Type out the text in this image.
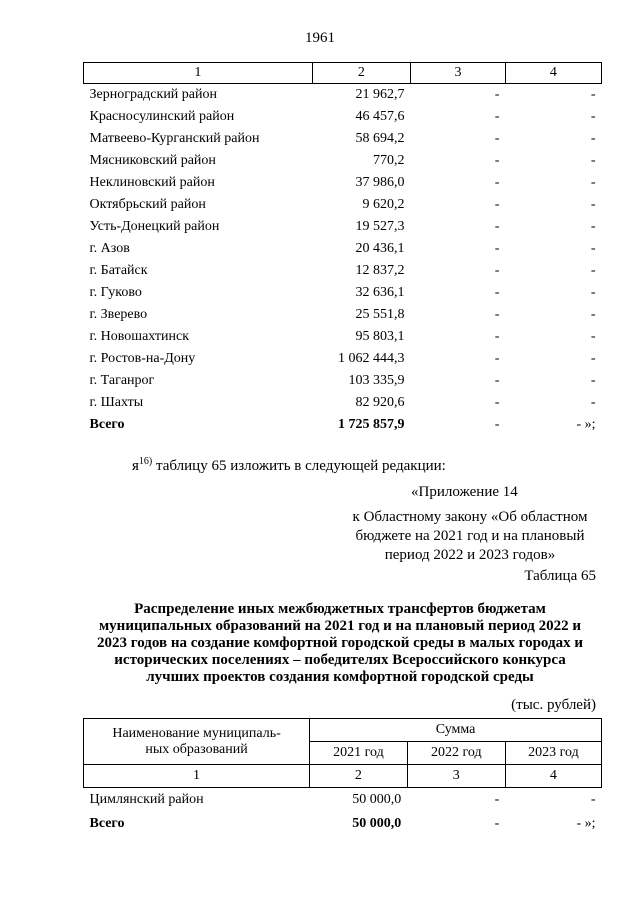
1961
1	2	3	4
Зерноградский район	21 962,7	-	-
Красносулинский район	46 457,6	-	-
Матвеево-Курганский район	58 694,2	-	-
Мясниковский район	770,2	-	-
Неклиновский район	37 986,0	-	-
Октябрьский район	9 620,2	-	-
Усть-Донецкий район	19 527,3	-	-
г. Азов	20 436,1	-	-
г. Батайск	12 837,2	-	-
г. Гуково	32 636,1	-	-
г. Зверево	25 551,8	-	-
г. Новошахтинск	95 803,1	-	-
г. Ростов-на-Дону	1 062 444,3	-	-
г. Таганрог	103 335,9	-	-
г. Шахты	82 920,6	-	-
Всего	1 725 857,9	-	- »;
$я^{16)}$ таблицу 65 изложить в следующей редакции:
«Приложение 14
к Областному закону «Об областном
бюджете на 2021 год и на плановый
период 2022 и 2023 годов»
Таблица 65
Распределение иных межбюджетных трансфертов бюджетам
муниципальных образований на 2021 год и на плановый период 2022 и
2023 годов на создание комфортной городской среды в малых городах и
исторических поселениях – победителях Всероссийского конкурса
лучших проектов создания комфортной городской среды
(тыс. рублей)
Наименование муниципаль-
ных образований	Сумма		
	2021 год	2022 год	2023 год
1	2	3	4
Цимлянский район	50 000,0	-	-
Всего	50 000,0	-	- »;
